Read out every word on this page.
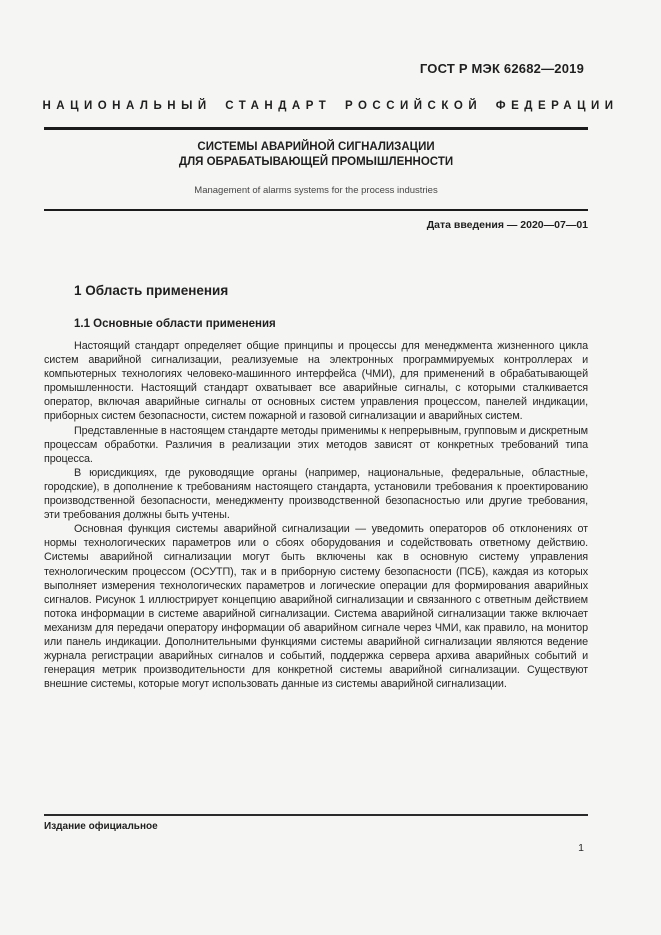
ГОСТ Р МЭК 62682—2019
НАЦИОНАЛЬНЫЙ СТАНДАРТ РОССИЙСКОЙ ФЕДЕРАЦИИ
СИСТЕМЫ АВАРИЙНОЙ СИГНАЛИЗАЦИИ
ДЛЯ ОБРАБАТЫВАЮЩЕЙ ПРОМЫШЛЕННОСТИ
Management of alarms systems for the process industries
Дата введения — 2020—07—01
1 Область применения
1.1 Основные области применения

Настоящий стандарт определяет общие принципы и процессы для менеджмента жизненного цикла систем аварийной сигнализации, реализуемые на электронных программируемых контроллерах и компьютерных технологиях человеко-машинного интерфейса (ЧМИ), для применений в обрабатывающей промышленности. Настоящий стандарт охватывает все аварийные сигналы, с которыми сталкивается оператор, включая аварийные сигналы от основных систем управления процессом, панелей индикации, приборных систем безопасности, систем пожарной и газовой сигнализации и аварийных систем.

Представленные в настоящем стандарте методы применимы к непрерывным, групповым и дискретным процессам обработки. Различия в реализации этих методов зависят от конкретных требований типа процесса.

В юрисдикциях, где руководящие органы (например, национальные, федеральные, областные, городские), в дополнение к требованиям настоящего стандарта, установили требования к проектированию производственной безопасности, менеджменту производственной безопасностью или другие требования, эти требования должны быть учтены.

Основная функция системы аварийной сигнализации — уведомить операторов об отклонениях от нормы технологических параметров или о сбоях оборудования и содействовать ответному действию. Системы аварийной сигнализации могут быть включены как в основную систему управления технологическим процессом (ОСУТП), так и в приборную систему безопасности (ПСБ), каждая из которых выполняет измерения технологических параметров и логические операции для формирования аварийных сигналов. Рисунок 1 иллюстрирует концепцию аварийной сигнализации и связанного с ответным действием потока информации в системе аварийной сигнализации. Система аварийной сигнализации также включает механизм для передачи оператору информации об аварийном сигнале через ЧМИ, как правило, на монитор или панель индикации. Дополнительными функциями системы аварийной сигнализации являются ведение журнала регистрации аварийных сигналов и событий, поддержка сервера архива аварийных событий и генерация метрик производительности для конкретной системы аварийной сигнализации. Существуют внешние системы, которые могут использовать данные из системы аварийной сигнализации.

Издание официальное
1
